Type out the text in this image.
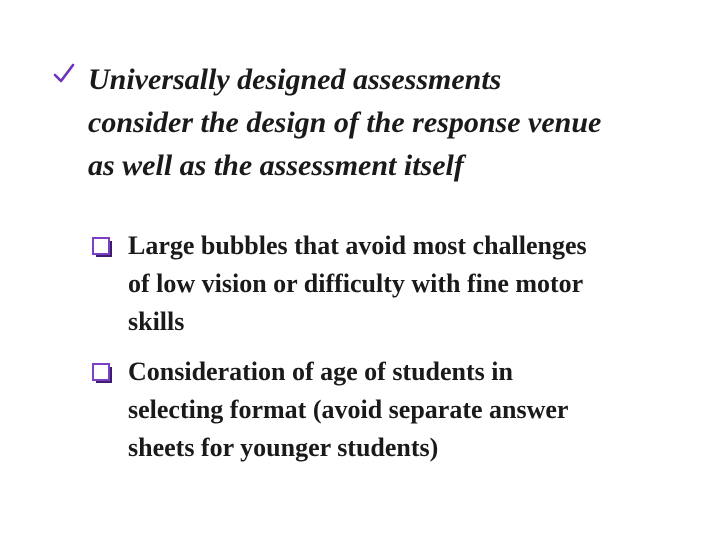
Universally designed assessments
consider the design of the response venue
as well as the assessment itself
Large bubbles that avoid most challenges
of low vision or difficulty with fine motor
skills
Consideration of age of students in
selecting format (avoid separate answer
sheets for younger students)
